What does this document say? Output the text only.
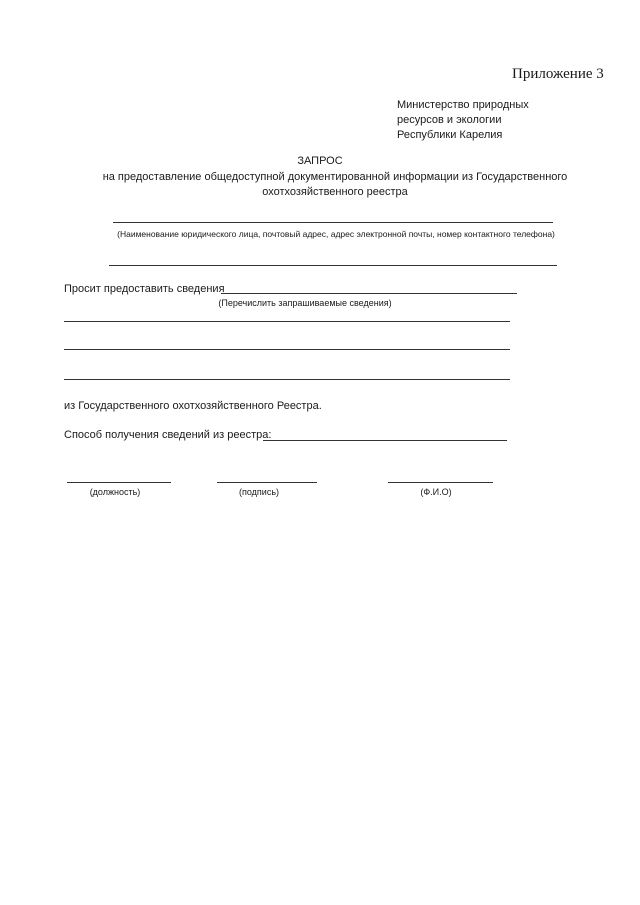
Приложение 3
Министерство природных
ресурсов и экологии
Республики Карелия
ЗАПРОС
на предоставление общедоступной документированной информации из Государственного
охотхозяйственного реестра
(Наименование юридического лица, почтовый адрес, адрес электронной почты, номер контактного телефона)
Просит предоставить сведения
(Перечислить запрашиваемые сведения)
из Государственного охотхозяйственного Реестра.
Способ получения сведений из реестра:
(должность)	(подпись)	(Ф.И.О)
